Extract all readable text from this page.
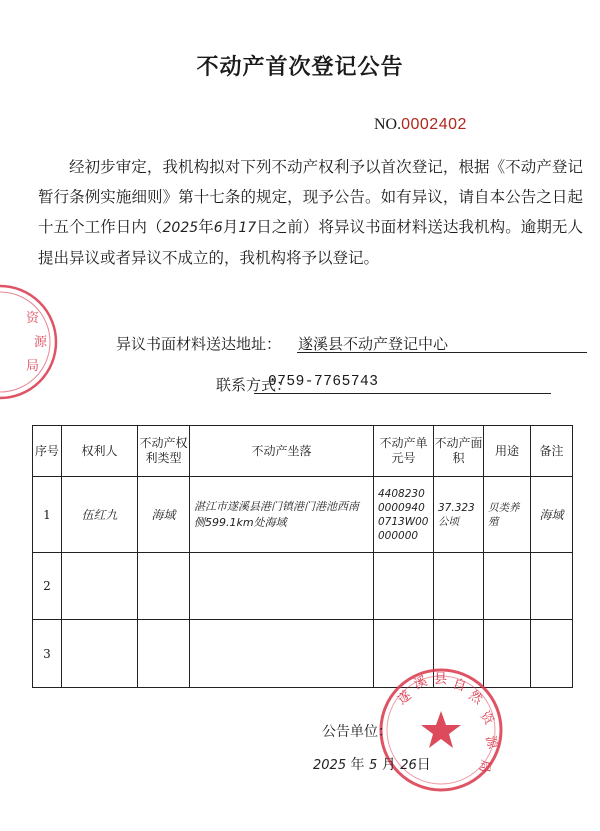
资
源
局
不动产首次登记公告
NO.0002402
经初步审定，我机构拟对下列不动产权利予以首次登记，根据《不动产登记暂行条例实施细则》第十七条的规定，现予公告。如有异议，请自本公告之日起十五个工作日内（2025年6月17日之前）将异议书面材料送达我机构。逾期无人提出异议或者异议不成立的，我机构将予以登记。
异议书面材料送达地址： 遂溪县不动产登记中心
联系方式：
0759-7765743
序号	权利人	不动产权利类型	不动产坐落	不动产单元号	不动产面 积	用途	备注
1	伍红九	海域	湛江市遂溪县港门镇港门港池西南侧599.1km处海域	440823000009400713W00000000	37.323公顷	贝类养殖	海域
2							
3							
遂
溪 县 自
然
资
源
局
公告单位：
2025 年 5 月 26日
